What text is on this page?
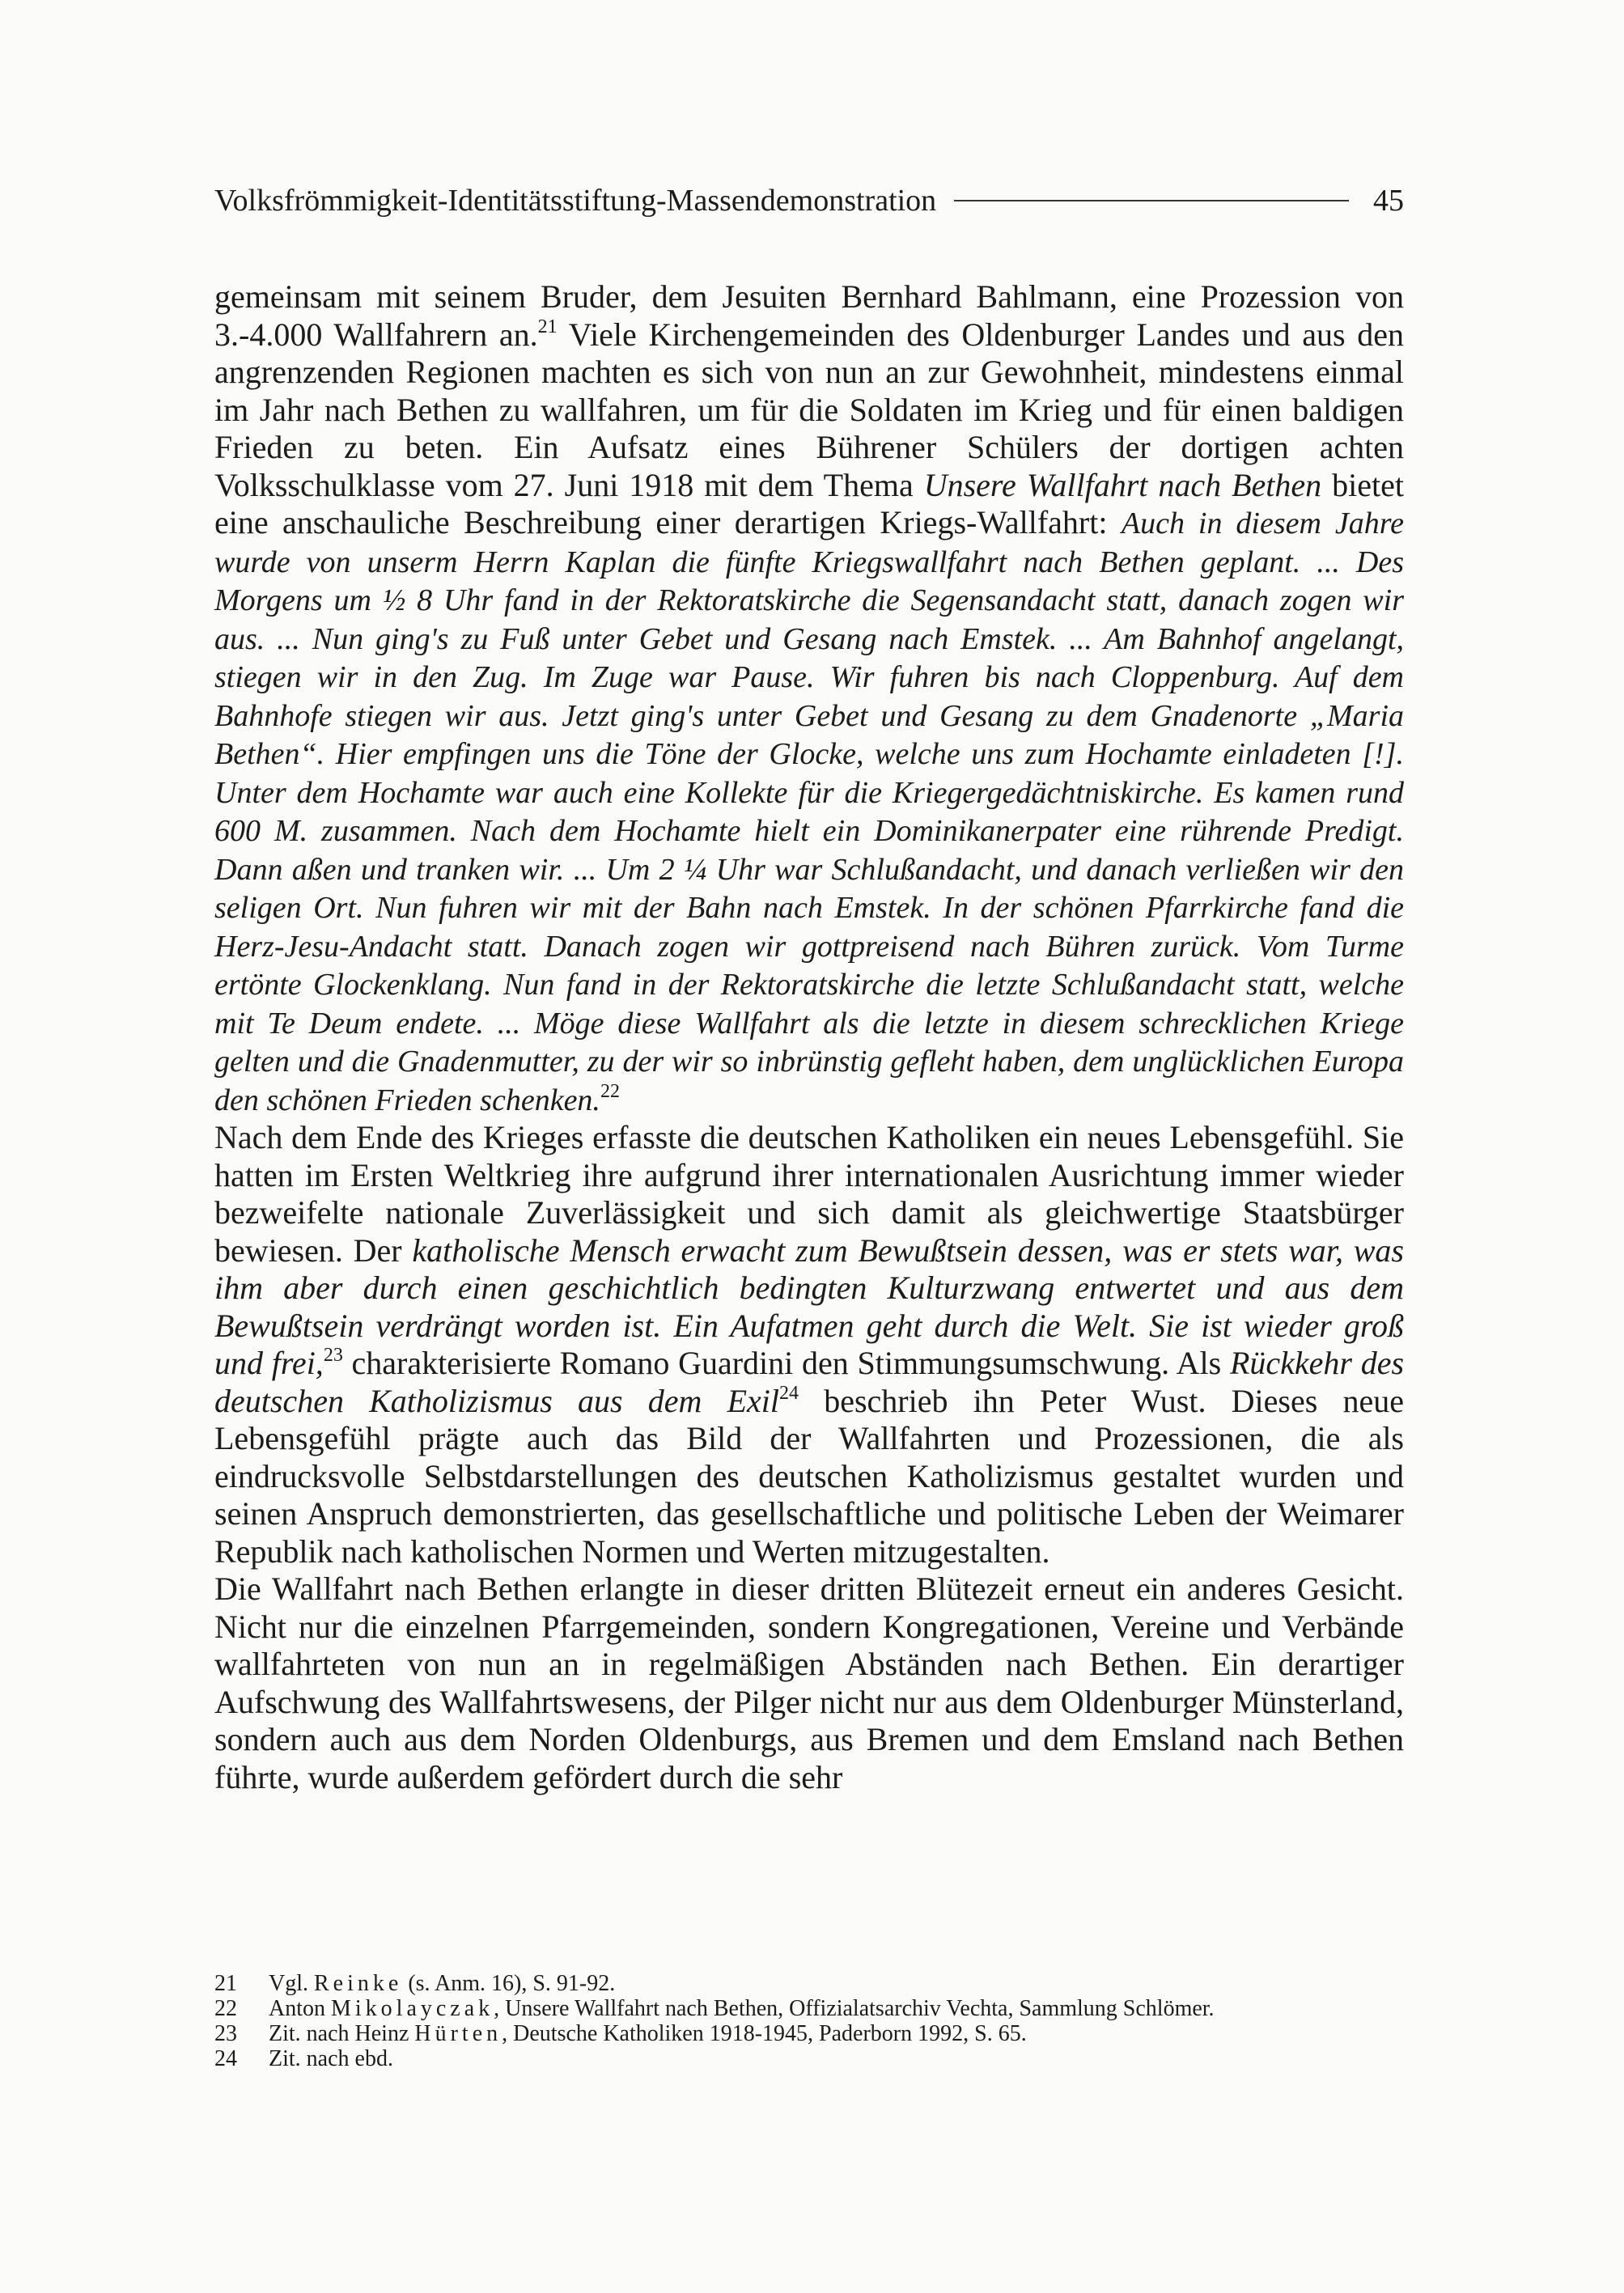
Volksfrömmigkeit-Identitätsstiftung-Massendemonstration	45

gemeinsam mit seinem Bruder, dem Jesuiten Bernhard Bahlmann, eine Prozession von 3.-4.000 Wallfahrern an.$^{21}$ Viele Kirchengemeinden des Oldenburger Landes und aus den angrenzenden Regionen machten es sich von nun an zur Gewohnheit, mindestens einmal im Jahr nach Bethen zu wallfahren, um für die Soldaten im Krieg und für einen baldigen Frieden zu beten. Ein Aufsatz eines Bührener Schülers der dortigen achten Volksschulklasse vom 27. Juni 1918 mit dem Thema Unsere Wallfahrt nach Bethen bietet eine anschauliche Beschreibung einer derartigen Kriegs-Wallfahrt: Auch in diesem Jahre wurde von unserm Herrn Kaplan die fünfte Kriegswallfahrt nach Bethen geplant. ... Des Morgens um ½ 8 Uhr fand in der Rektoratskirche die Segensandacht statt, danach zogen wir aus. ... Nun ging's zu Fuß unter Gebet und Gesang nach Emstek. ... Am Bahnhof angelangt, stiegen wir in den Zug. Im Zuge war Pause. Wir fuhren bis nach Cloppenburg. Auf dem Bahnhofe stiegen wir aus. Jetzt ging's unter Gebet und Gesang zu dem Gnadenorte „Maria Bethen“. Hier empfingen uns die Töne der Glocke, welche uns zum Hochamte einladeten [!]. Unter dem Hochamte war auch eine Kollekte für die Kriegergedächtniskirche. Es kamen rund 600 M. zusammen. Nach dem Hochamte hielt ein Dominikanerpater eine rührende Predigt. Dann aßen und tranken wir. ... Um 2 ¼ Uhr war Schlußandacht, und danach verließen wir den seligen Ort. Nun fuhren wir mit der Bahn nach Emstek. In der schönen Pfarrkirche fand die Herz-Jesu-Andacht statt. Danach zogen wir gottpreisend nach Bühren zurück. Vom Turme ertönte Glockenklang. Nun fand in der Rektoratskirche die letzte Schlußandacht statt, welche mit Te Deum endete. ... Möge diese Wallfahrt als die letzte in diesem schrecklichen Kriege gelten und die Gnadenmutter, zu der wir so inbrünstig gefleht haben, dem unglücklichen Europa den schönen Frieden schenken.$^{22}$

Nach dem Ende des Krieges erfasste die deutschen Katholiken ein neues Lebensgefühl. Sie hatten im Ersten Weltkrieg ihre aufgrund ihrer internationalen Ausrichtung immer wieder bezweifelte nationale Zuverlässigkeit und sich damit als gleichwertige Staatsbürger bewiesen. Der katholische Mensch erwacht zum Bewußtsein dessen, was er stets war, was ihm aber durch einen geschichtlich bedingten Kulturzwang entwertet und aus dem Bewußtsein verdrängt worden ist. Ein Aufatmen geht durch die Welt. Sie ist wieder groß und frei,$^{23}$ charakterisierte Romano Guardini den Stimmungsumschwung. Als Rückkehr des deutschen Katholizismus aus dem Exil$^{24}$ beschrieb ihn Peter Wust. Dieses neue Lebensgefühl prägte auch das Bild der Wallfahrten und Prozessionen, die als eindrucksvolle Selbstdarstellungen des deutschen Katholizismus gestaltet wurden und seinen Anspruch demonstrierten, das gesellschaftliche und politische Leben der Weimarer Republik nach katholischen Normen und Werten mitzugestalten.

Die Wallfahrt nach Bethen erlangte in dieser dritten Blütezeit erneut ein anderes Gesicht. Nicht nur die einzelnen Pfarrgemeinden, sondern Kongregationen, Vereine und Verbände wallfahrteten von nun an in regelmäßigen Abständen nach Bethen. Ein derartiger Aufschwung des Wallfahrtswesens, der Pilger nicht nur aus dem Oldenburger Münsterland, sondern auch aus dem Norden Oldenburgs, aus Bremen und dem Emsland nach Bethen führte, wurde außerdem gefördert durch die sehr

21	Vgl. Reinke (s. Anm. 16), S. 91-92.
22	Anton Mikolayczak, Unsere Wallfahrt nach Bethen, Offizialatsarchiv Vechta, Sammlung Schlömer.
23	Zit. nach Heinz Hürten, Deutsche Katholiken 1918-1945, Paderborn 1992, S. 65.
24	Zit. nach ebd.
